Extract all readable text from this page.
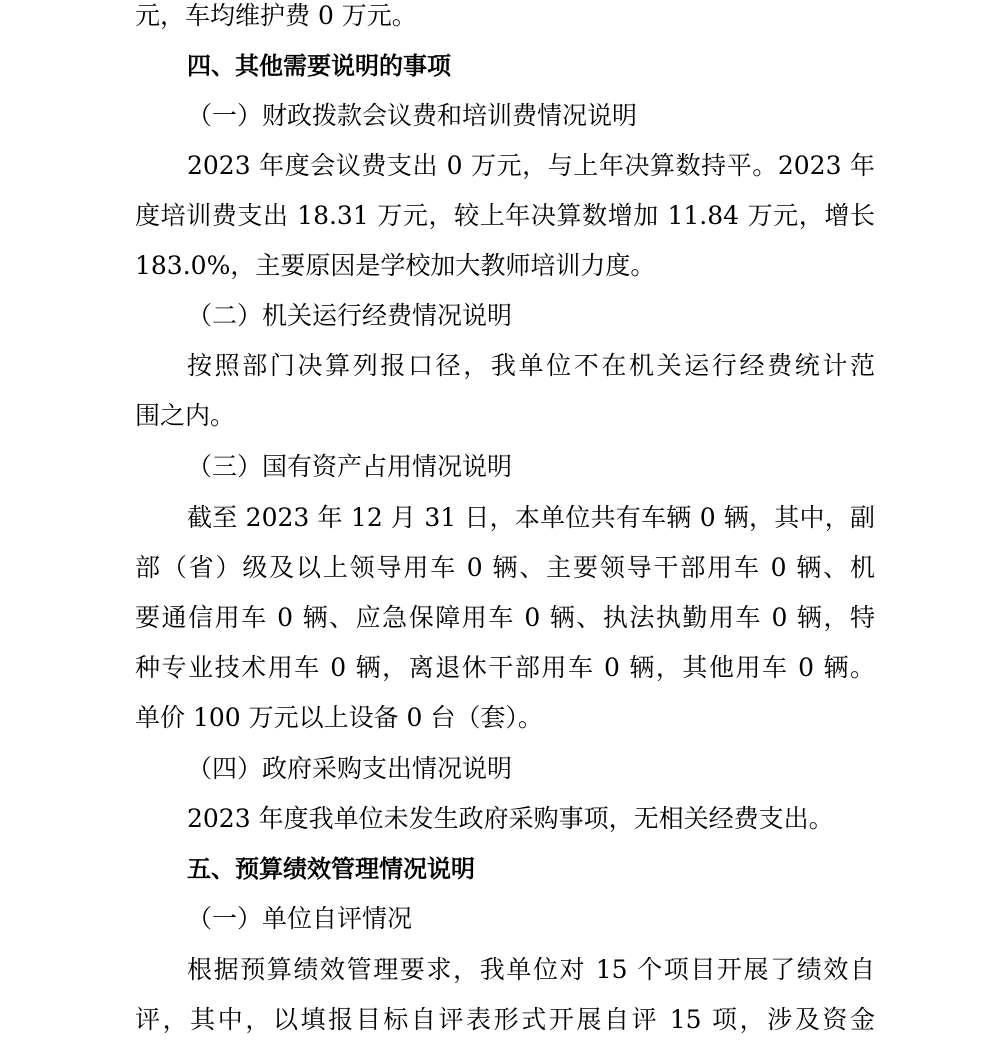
元，车均维护费 0 万元。
四、其他需要说明的事项
（一）财政拨款会议费和培训费情况说明
2023 年度会议费支出 0 万元，与上年决算数持平。2023 年
度培训费支出 18.31 万元，较上年决算数增加 11.84 万元，增长
183.0%，主要原因是学校加大教师培训力度。
（二）机关运行经费情况说明
按照部门决算列报口径，我单位不在机关运行经费统计范
围之内。
（三）国有资产占用情况说明
截至 2023 年 12 月 31 日，本单位共有车辆 0 辆，其中，副
部（省）级及以上领导用车 0 辆、主要领导干部用车 0 辆、机
要通信用车 0 辆、应急保障用车 0 辆、执法执勤用车 0 辆，特
种专业技术用车 0 辆，离退休干部用车 0 辆，其他用车 0 辆。
单价 100 万元以上设备 0 台（套）。
（四）政府采购支出情况说明
2023 年度我单位未发生政府采购事项，无相关经费支出。
五、预算绩效管理情况说明
（一）单位自评情况
根据预算绩效管理要求，我单位对 15 个项目开展了绩效自
评，其中，以填报目标自评表形式开展自评 15 项，涉及资金
